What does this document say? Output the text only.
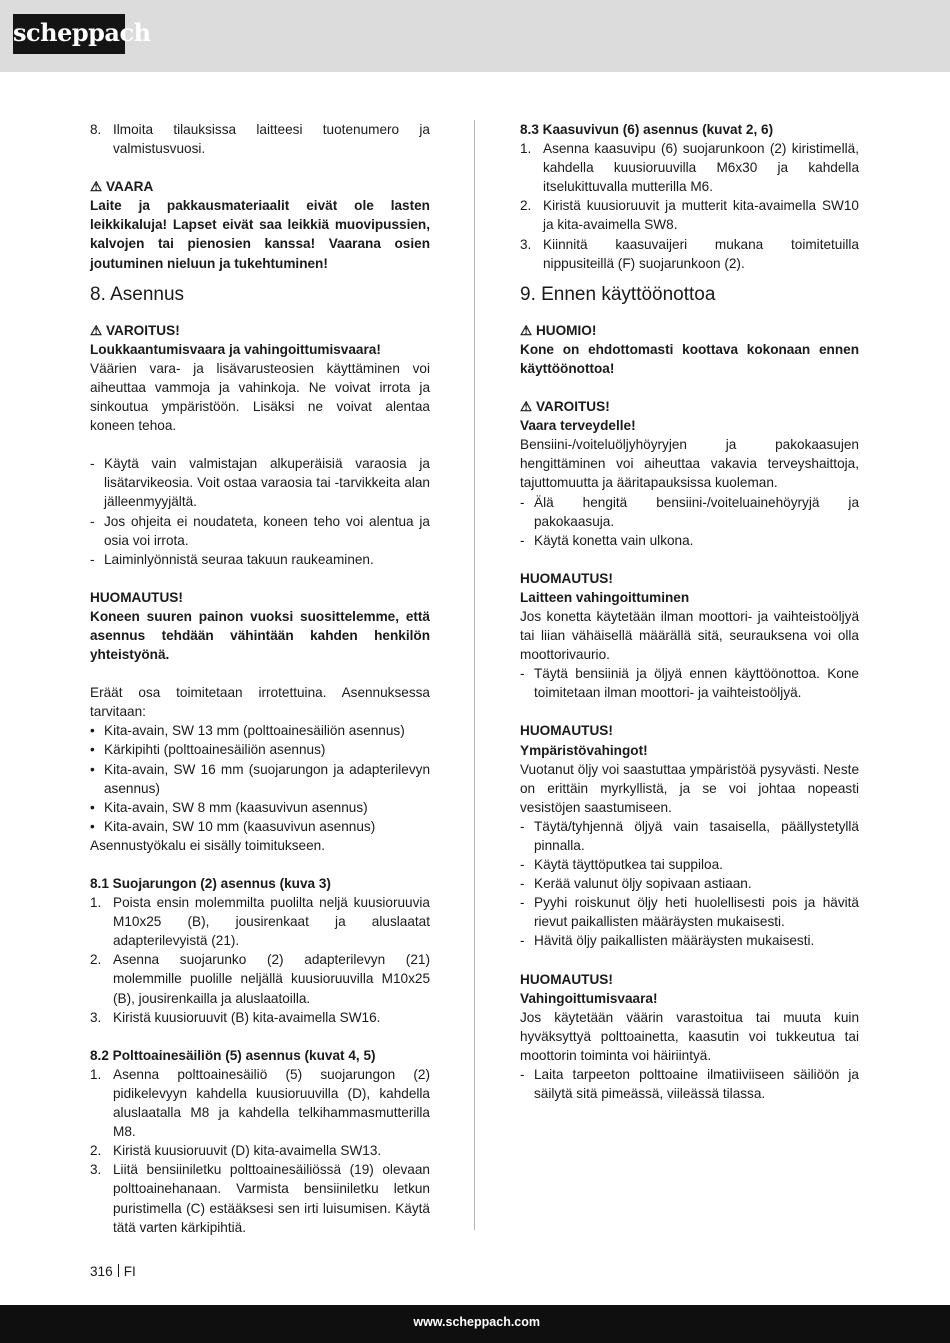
scheppach
8. Ilmoita tilauksissa laitteesi tuotenumero ja valmistusvuosi.

⚠ VAARA

Laite ja pakkausmateriaalit eivät ole lasten leikkikaluja! Lapset eivät saa leikkiä muovipussien, kalvojen tai pienosien kanssa! Vaarana osien joutuminen nieluun ja tukehtuminen!

8. Asennus

⚠ VAROITUS!

Loukkaantumisvaara ja vahingoittumisvaara!

Väärien vara- ja lisävarusteosien käyttäminen voi aiheuttaa vammoja ja vahinkoja. Ne voivat irrota ja sinkoutua ympäristöön. Lisäksi ne voivat alentaa koneen tehoa.

- Käytä vain valmistajan alkuperäisiä varaosia ja lisätarvikeosia. Voit ostaa varaosia tai -tarvikkeita alan jälleenmyyjältä.
- Jos ohjeita ei noudateta, koneen teho voi alentua ja osia voi irrota.
- Laiminlyönnistä seuraa takuun raukeaminen.

HUOMAUTUS!

Koneen suuren painon vuoksi suosittelemme, että asennus tehdään vähintään kahden henkilön yhteistyönä.

Eräät osa toimitetaan irrotettuina. Asennuksessa tarvitaan:

• Kita-avain, SW 13 mm (polttoainesäiliön asennus)
• Kärkipihti (polttoainesäiliön asennus)
• Kita-avain, SW 16 mm (suojarungon ja adapterilevyn asennus)
• Kita-avain, SW 8 mm (kaasuvivun asennus)
• Kita-avain, SW 10 mm (kaasuvivun asennus)

Asennustyökalu ei sisälly toimitukseen.

8.1 Suojarungon (2) asennus (kuva 3)

1. Poista ensin molemmilta puolilta neljä kuusioruuvia M10x25 (B), jousirenkaat ja aluslaatat adapterilevyistä (21).
2. Asenna suojarunko (2) adapterilevyn (21) molemmille puolille neljällä kuusioruuvilla M10x25 (B), jousirenkailla ja aluslaatoilla.
3. Kiristä kuusioruuvit (B) kita-avaimella SW16.

8.2 Polttoainesäiliön (5) asennus (kuvat 4, 5)

1. Asenna polttoainesäiliö (5) suojarungon (2) pidikelevyyn kahdella kuusioruuvilla (D), kahdella aluslaatalla M8 ja kahdella telkihammasmutterilla M8.
2. Kiristä kuusioruuvit (D) kita-avaimella SW13.
3. Liitä bensiiniletku polttoainesäiliössä (19) olevaan polttoainehanaan. Varmista bensiiniletku letkun puristimella (C) estääksesi sen irti luisumisen. Käytä tätä varten kärkipihtiä.

8.3 Kaasuvivun (6) asennus (kuvat 2, 6)

1. Asenna kaasuvipu (6) suojarunkoon (2) kiristimellä, kahdella kuusioruuvilla M6x30 ja kahdella itselukittuvalla mutterilla M6.
2. Kiristä kuusioruuvit ja mutterit kita-avaimella SW10 ja kita-avaimella SW8.
3. Kiinnitä kaasuvaijeri mukana toimitetuilla nippusiteillä (F) suojarunkoon (2).
9. Ennen käyttöönottoa

⚠ HUOMIO!

Kone on ehdottomasti koottava kokonaan ennen käyttöönottoa!

⚠ VAROITUS!

Vaara terveydelle!

Bensiini-/voiteluöljyhöyryjen ja pakokaasujen hengittäminen voi aiheuttaa vakavia terveyshaittoja, tajuttomuutta ja ääritapauksissa kuoleman.

- Älä hengitä bensiini-/voiteluainehöyryjä ja pakokaasuja.
- Käytä konetta vain ulkona.

HUOMAUTUS!

Laitteen vahingoittuminen

Jos konetta käytetään ilman moottori- ja vaihteistoöljyä tai liian vähäisellä määrällä sitä, seurauksena voi olla moottorivaurio.

- Täytä bensiiniä ja öljyä ennen käyttöönottoa. Kone toimitetaan ilman moottori- ja vaihteistoöljyä.

HUOMAUTUS!

Ympäristövahingot!

Vuotanut öljy voi saastuttaa ympäristöä pysyvästi. Neste on erittäin myrkyllistä, ja se voi johtaa nopeasti vesistöjen saastumiseen.

- Täytä/tyhjennä öljyä vain tasaisella, päällystetyllä pinnalla.
- Käytä täyttöputkea tai suppiloa.
- Kerää valunut öljy sopivaan astiaan.
- Pyyhi roiskunut öljy heti huolellisesti pois ja hävitä rievut paikallisten määräysten mukaisesti.
- Hävitä öljy paikallisten määräysten mukaisesti.

HUOMAUTUS!

Vahingoittumisvaara!

Jos käytetään väärin varastoitua tai muuta kuin hyväksyttyä polttoainetta, kaasutin voi tukkeutua tai moottorin toiminta voi häiriintyä.

- Laita tarpeeton polttoaine ilmatiiviiseen säiliöön ja säilytä sitä pimeässä, viileässä tilassa.
316 FI
www.scheppach.com
